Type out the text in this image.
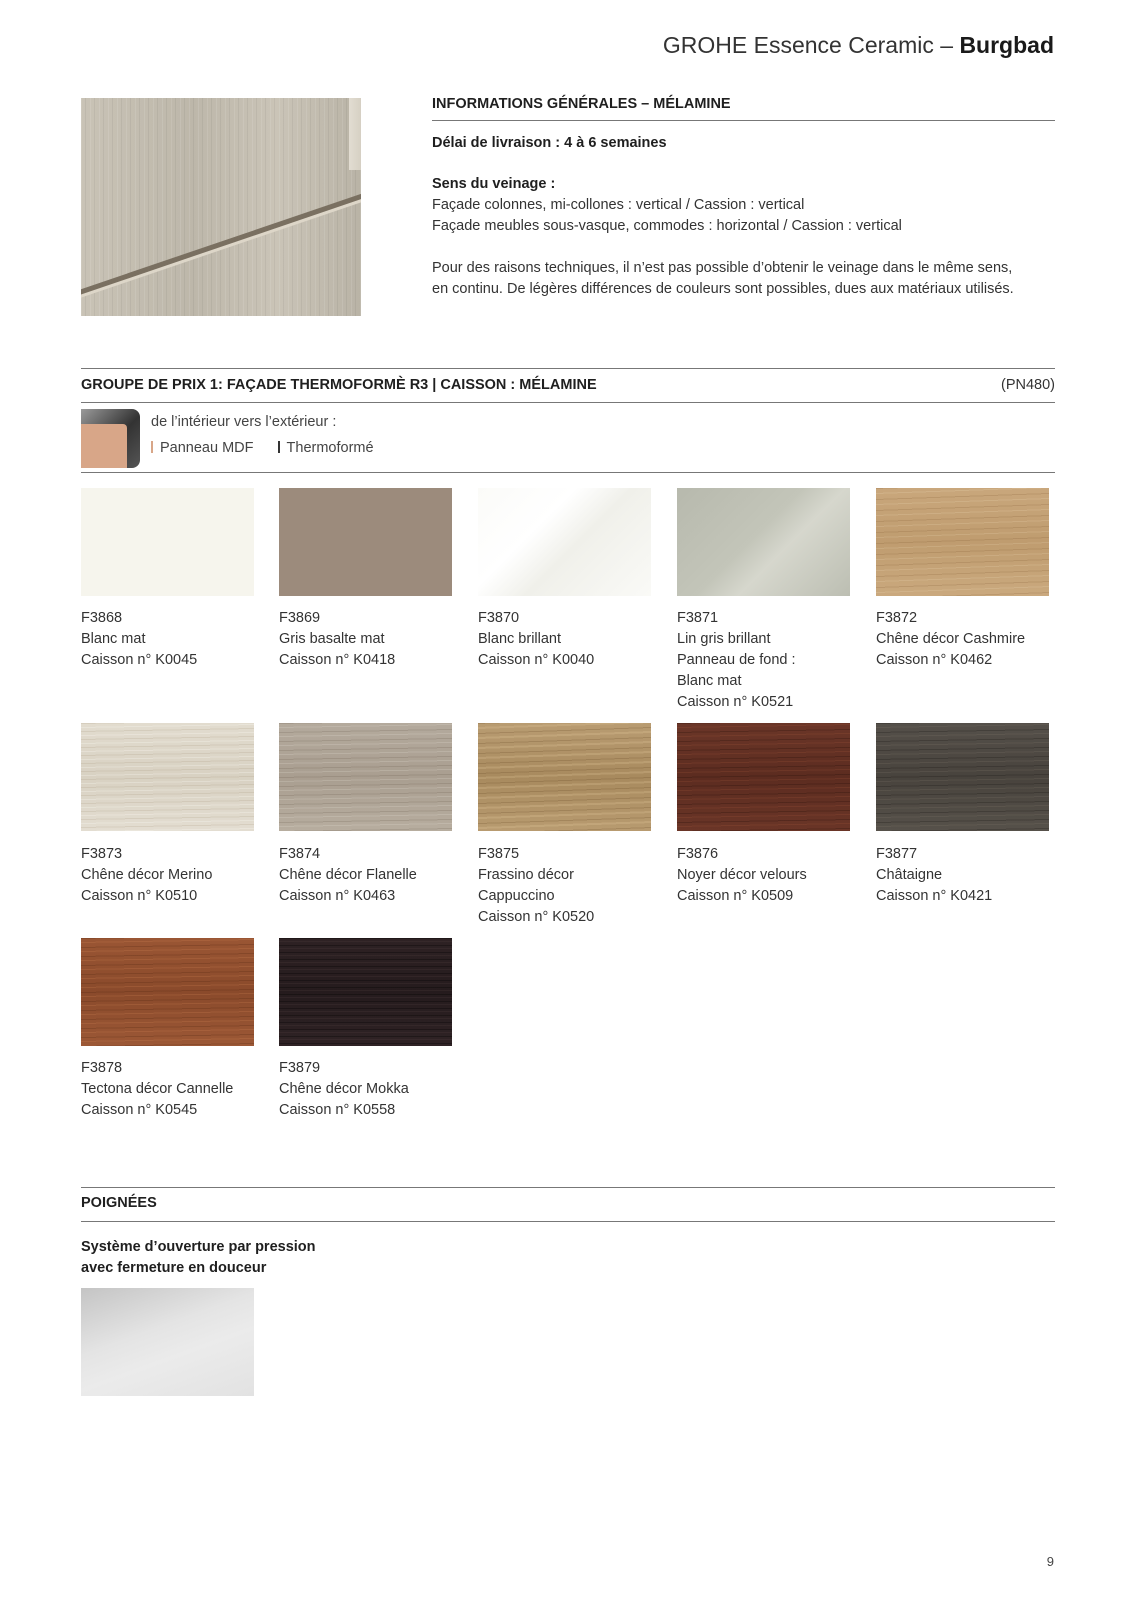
GROHE Essence Ceramic – Burgbad
INFORMATIONS GÉNÉRALES – MÉLAMINE
Délai de livraison : 4 à 6 semaines
Sens du veinage :
Façade colonnes, mi-collones : vertical / Cassion : vertical
Façade meubles sous-vasque, commodes : horizontal / Cassion : vertical
Pour des raisons techniques, il n’est pas possible d’obtenir le veinage dans le même sens,
en continu. De légères différences de couleurs sont possibles, dues aux matériaux utilisés.
GROUPE DE PRIX 1: FAÇADE THERMOFORMÈ R3 | CAISSON : MÉLAMINE	(PN480)
de l’intérieur vers l’extérieur :
Panneau MDF Thermoformé
F3868
Blanc mat
Caisson n° K0045
F3869
Gris basalte mat
Caisson n° K0418
F3870
Blanc brillant
Caisson n° K0040
F3871
Lin gris brillant
Panneau de fond :
Blanc mat
Caisson n° K0521
F3872
Chêne décor Cashmire
Caisson n° K0462
F3873
Chêne décor Merino
Caisson n° K0510
F3874
Chêne décor Flanelle
Caisson n° K0463
F3875
Frassino décor
Cappuccino
Caisson n° K0520
F3876
Noyer décor velours
Caisson n° K0509
F3877
Châtaigne
Caisson n° K0421
F3878
Tectona décor Cannelle
Caisson n° K0545
F3879
Chêne décor Mokka
Caisson n° K0558
POIGNÉES
Système d’ouverture par pression
avec fermeture en douceur
9
